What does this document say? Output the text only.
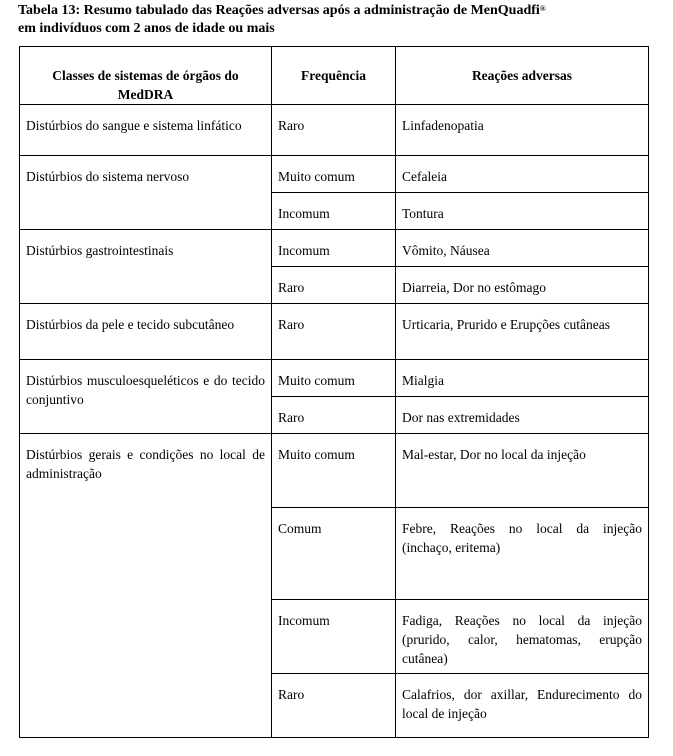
Tabela 13: Resumo tabulado das Reações adversas após a administração de MenQuadfi®
em indivíduos com 2 anos de idade ou mais
Classes de sistemas de órgãos do MedDRA	Frequência	Reações adversas
Distúrbios do sangue e sistema linfático	Raro	Linfadenopatia
Distúrbios do sistema nervoso	Muito comum	Cefaleia
	Incomum	Tontura
Distúrbios gastrointestinais	Incomum	Vômito, Náusea
	Raro	Diarreia, Dor no estômago
Distúrbios da pele e tecido subcutâneo	Raro	Urticaria, Prurido e Erupções cutâneas
Distúrbios musculoesqueléticos e do tecido conjuntivo	Muito comum	Mialgia
	Raro	Dor nas extremidades
Distúrbios gerais e condições no local de administração	Muito comum	Mal-estar, Dor no local da injeção
	Comum	Febre, Reações no local da injeção (inchaço, eritema)
	Incomum	Fadiga, Reações no local da injeção (prurido, calor, hematomas, erupção cutânea)
	Raro	Calafrios, dor axillar, Endurecimento do local de injeção
